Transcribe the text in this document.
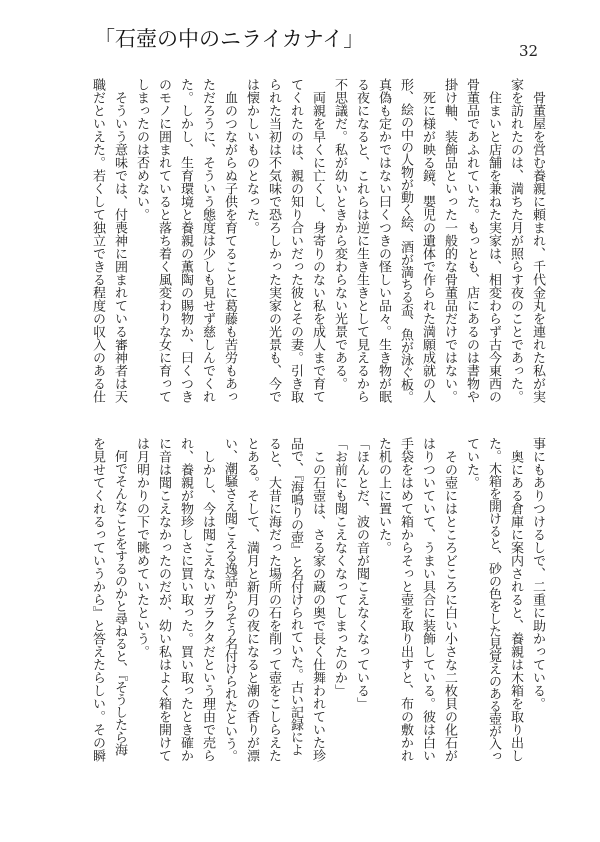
「石壺の中のニライカナイ」	32
　骨董屋を営む養親に頼まれ、千代金丸を連れた私が実
家を訪れたのは、満ちた月が照らす夜のことであった。
　住まいと店舗を兼ねた実家は、相変わらず古今東西の
骨董品であふれていた。もっとも、店にあるのは書物や
掛け軸、装飾品といった一般的な骨董品だけではない。
　死に様が映る鏡、嬰児の遺体で作られた満願成就の人
形、絵の中の人物が動く絵、酒が満ちる盃、魚が泳ぐ板。
真偽も定かではない曰くつきの怪しい品々。生き物が眠
る夜になると、これらは逆に生き生きとして見えるから
不思議だ。私が幼いときから変わらない光景である。
　両親を早くに亡くし、身寄りのない私を成人まで育て
てくれたのは、親の知り合いだった彼とその妻。引き取
られた当初は不気味で恐ろしかった実家の光景も、今で
は懐かしいものとなった。
　血のつながらぬ子供を育てることに葛藤も苦労もあっ
ただろうに、そういう態度は少しも見せず慈しんでくれ
た。しかし、生育環境と養親の薫陶の賜物か、曰くつき
のモノに囲まれていると落ち着く風変わりな女に育って
しまったのは否めない。
　そういう意味では、付喪神に囲まれている審神者は天
職だといえた。若くして独立できる程度の収入のある仕
事にもありつけるしで、二重に助かっている。
　奥にある倉庫に案内されると、養親は木箱を取り出し
た。木箱を開けると、砂の色をした見覚えのある壺が入っ
ていた。
　その壺にはところどころに白い小さな二枚貝の化石が
はりついていて、うまい具合に装飾している。彼は白い
手袋をはめて箱からそっと壺を取り出すと、布の敷かれ
た机の上に置いた。
「ほんとだ、波の音が聞こえなくなっている」
「お前にも聞こえなくなってしまったのか」
　この石壺は、さる家の蔵の奥で長く仕舞われていた珍
品で、『海鳴りの壺』と名付けられていた。古い記録によ
ると、大昔に海だった場所の石を削って壺をこしらえた
とある。そして、満月と新月の夜になると潮の香りが漂
い、潮騒さえ聞こえる逸話からそう名付けられたという。
　しかし、今は聞こえないガラクタだという理由で売ら
れ、養親が物珍しさに買い取った。買い取ったとき確か
に音は聞こえなかったのだが、幼い私はよく箱を開けて
は月明かりの下で眺めていたという。
　何でそんなことをするのかと尋ねると、『そうしたら海
を見せてくれるっていうから』と答えたらしい。その瞬
